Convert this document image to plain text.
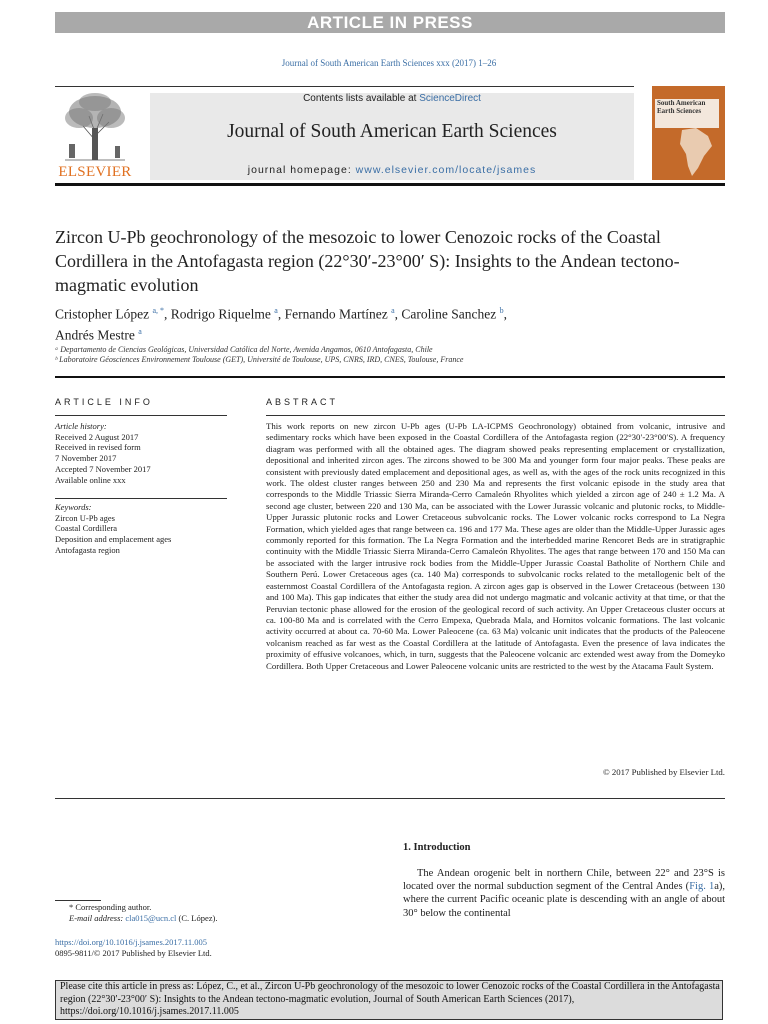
ARTICLE IN PRESS
Journal of South American Earth Sciences xxx (2017) 1–26
ELSEVIER
Contents lists available at ScienceDirect
Journal of South American Earth Sciences
journal homepage: www.elsevier.com/locate/jsames
South American Earth Sciences
Zircon U-Pb geochronology of the mesozoic to lower Cenozoic rocks of the Coastal Cordillera in the Antofagasta region (22°30′-23°00′ S): Insights to the Andean tectono-magmatic evolution
Cristopher López $^{a, *}$, Rodrigo Riquelme $^a$, Fernando Martínez $^a$, Caroline Sanchez $^b$,
Andrés Mestre $^a$
ᵃ Departamento de Ciencias Geológicas, Universidad Católica del Norte, Avenida Angamos, 0610 Antofagasta, Chile
ᵇ Laboratoire Géosciences Environnement Toulouse (GET), Université de Toulouse, UPS, CNRS, IRD, CNES, Toulouse, France
ARTICLE INFO	ABSTRACT
Article history:
Received 2 August 2017
Received in revised form
7 November 2017
Accepted 7 November 2017
Available online xxx
Keywords:
Zircon U-Pb ages
Coastal Cordillera
Deposition and emplacement ages
Antofagasta region
This work reports on new zircon U-Pb ages (U-Pb LA-ICPMS Geochronology) obtained from volcanic, intrusive and sedimentary rocks which have been exposed in the Coastal Cordillera of the Antofagasta region (22°30′-23°00′S). A frequency diagram was performed with all the obtained ages. The diagram showed peaks representing emplacement or crystallization, depositional and inherited zircon ages. The zircons showed to be 300 Ma and younger form four major peaks. These peaks are consistent with previously dated emplacement and depositional ages, as well as, with the ages of the rock units recognized in this work. The oldest cluster ranges between 250 and 230 Ma and represents the first volcanic episode in the study area that corresponds to the Middle Triassic Sierra Miranda-Cerro Camaleón Rhyolites which yielded a zircon age of 240 ± 1.2 Ma. A second age cluster, between 220 and 130 Ma, can be associated with the Lower Jurassic volcanic and plutonic rocks, to Middle-Upper Jurassic plutonic rocks and Lower Cretaceous subvolcanic rocks. The Lower volcanic rocks correspond to La Negra Formation, which yielded ages that range between ca. 196 and 177 Ma. These ages are older than the Middle-Upper Jurassic ages commonly reported for this formation. The La Negra Formation and the interbedded marine Rencoret Beds are in stratigraphic continuity with the Middle Triassic Sierra Miranda-Cerro Camaleón Rhyolites. The ages that range between 170 and 150 Ma can be associated with the larger intrusive rock bodies from the Middle-Upper Jurassic Coastal Batholite of Northern Chile and Southern Perú. Lower Cretaceous ages (ca. 140 Ma) corresponds to subvolcanic rocks related to the metallogenic belt of the easternmost Coastal Cordillera of the Antofagasta region. A zircon ages gap is observed in the Lower Cretaceous (between 130 and 100 Ma). This gap indicates that either the study area did not undergo magmatic and volcanic activity at that time, or that the Peruvian tectonic phase allowed for the erosion of the geological record of such activity. An Upper Cretaceous cluster occurs at ca. 100-80 Ma and is correlated with the Cerro Empexa, Quebrada Mala, and Hornitos volcanic formations. The last volcanic activity occurred at about ca. 70-60 Ma. Lower Paleocene (ca. 63 Ma) volcanic unit indicates that the products of the Paleocene volcanism reached as far west as the Coastal Cordillera at the latitude of Antofagasta. Even the presence of lava indicates the proximity of effusive volcanoes, which, in turn, suggests that the Paleocene volcanic arc extended west away from the Domeyko Cordillera. Both Upper Cretaceous and Lower Paleocene volcanic units are restricted to the west by the Atacama Fault System.
© 2017 Published by Elsevier Ltd.
1. Introduction
The Andean orogenic belt in northern Chile, between 22° and 23°S is located over the normal subduction segment of the Central Andes (Fig. 1a), where the current Pacific oceanic plate is descending with an angle of about 30° below the continental
* Corresponding author.
E-mail address: cla015@ucn.cl (C. López).
https://doi.org/10.1016/j.jsames.2017.11.005
0895-9811/© 2017 Published by Elsevier Ltd.
Please cite this article in press as: López, C., et al., Zircon U-Pb geochronology of the mesozoic to lower Cenozoic rocks of the Coastal Cordillera in the Antofagasta region (22°30′-23°00′ S): Insights to the Andean tectono-magmatic evolution, Journal of South American Earth Sciences (2017), https://doi.org/10.1016/j.jsames.2017.11.005
